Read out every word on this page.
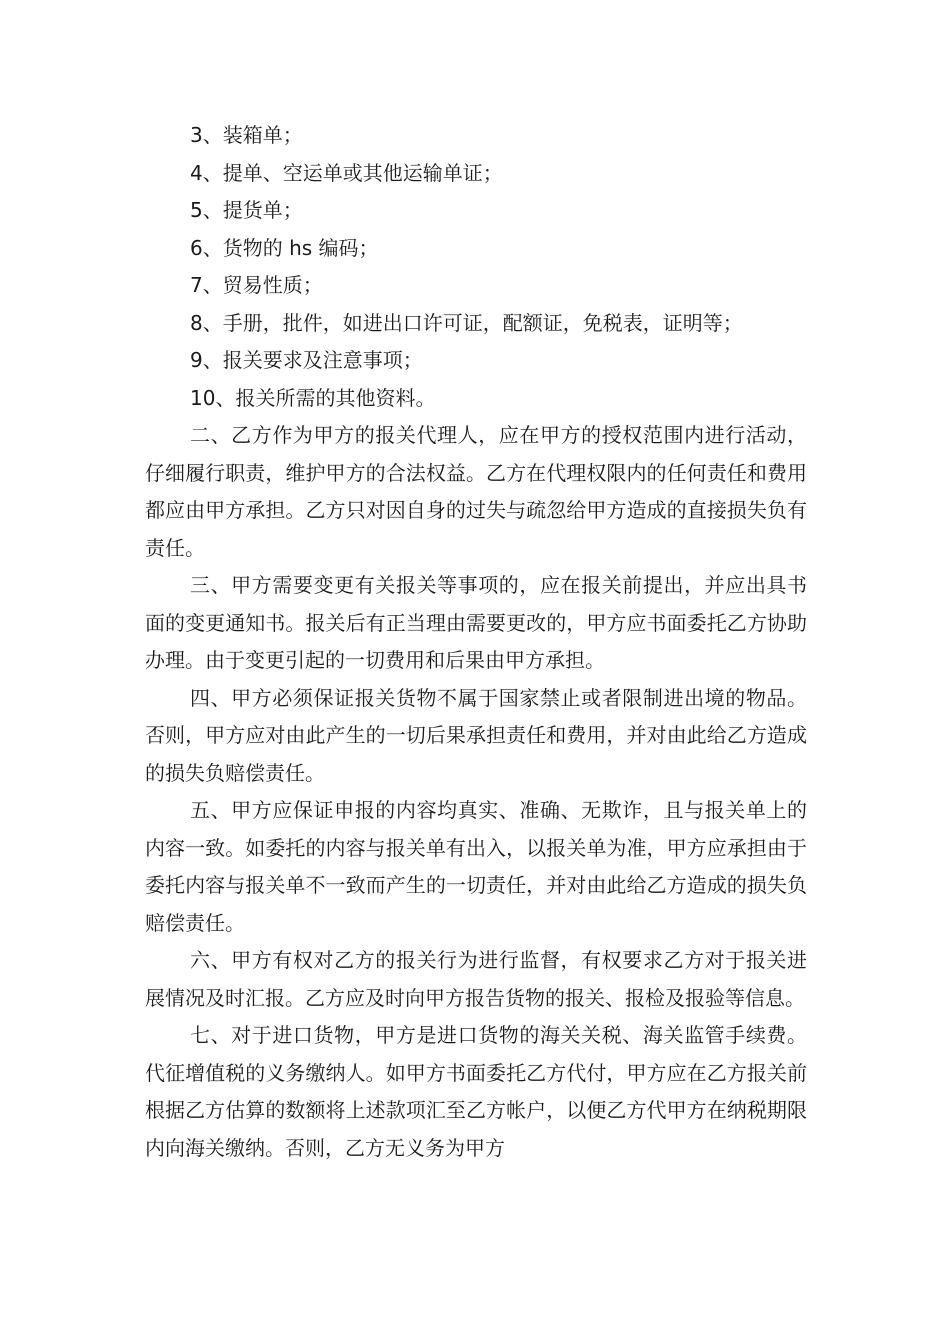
3、装箱单；
4、提单、空运单或其他运输单证；
5、提货单；
6、货物的 hs 编码；
7、贸易性质；
8、手册，批件，如进出口许可证，配额证，免税表，证明等；
9、报关要求及注意事项；
10、报关所需的其他资料。

二、乙方作为甲方的报关代理人，应在甲方的授权范围内进行活动，仔细履行职责，维护甲方的合法权益。乙方在代理权限内的任何责任和费用都应由甲方承担。乙方只对因自身的过失与疏忽给甲方造成的直接损失负有责任。

三、甲方需要变更有关报关等事项的，应在报关前提出，并应出具书面的变更通知书。报关后有正当理由需要更改的，甲方应书面委托乙方协助办理。由于变更引起的一切费用和后果由甲方承担。

四、甲方必须保证报关货物不属于国家禁止或者限制进出境的物品。否则，甲方应对由此产生的一切后果承担责任和费用，并对由此给乙方造成的损失负赔偿责任。

五、甲方应保证申报的内容均真实、准确、无欺诈，且与报关单上的内容一致。如委托的内容与报关单有出入，以报关单为准，甲方应承担由于委托内容与报关单不一致而产生的一切责任，并对由此给乙方造成的损失负赔偿责任。

六、甲方有权对乙方的报关行为进行监督，有权要求乙方对于报关进展情况及时汇报。乙方应及时向甲方报告货物的报关、报检及报验等信息。

七、对于进口货物，甲方是进口货物的海关关税、海关监管手续费。代征增值税的义务缴纳人。如甲方书面委托乙方代付，甲方应在乙方报关前根据乙方估算的数额将上述款项汇至乙方帐户，以便乙方代甲方在纳税期限内向海关缴纳。否则，乙方无义务为甲方
